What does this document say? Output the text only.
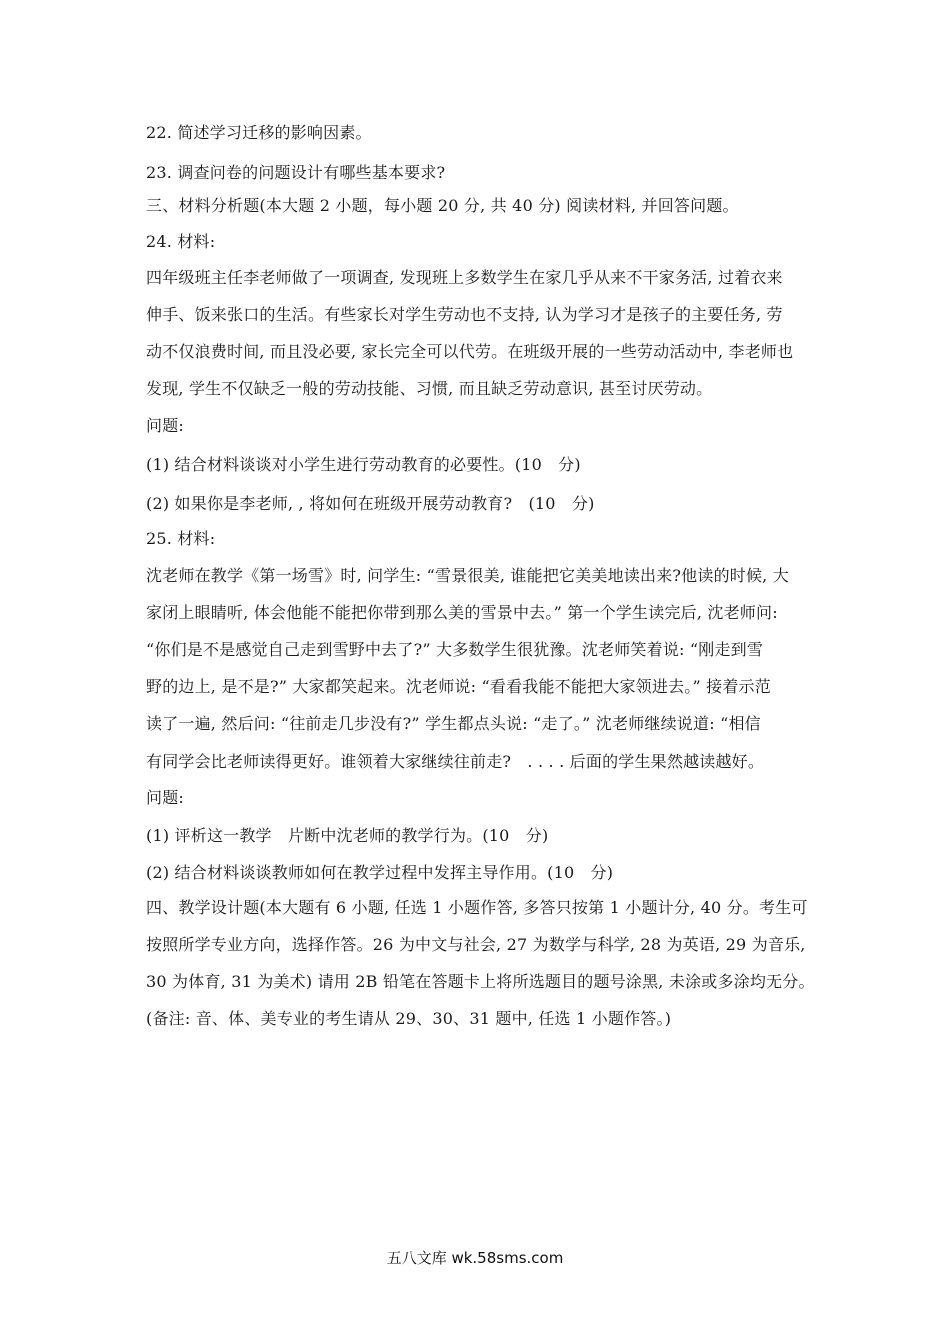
22. 简述学习迁移的影响因素。
23. 调查问卷的问题设计有哪些基本要求?
三、材料分析题(本大题 2 小题，每小题 20 分, 共 40 分) 阅读材料, 并回答问题。
24. 材料:
四年级班主任李老师做了一项调查, 发现班上多数学生在家几乎从来不干家务活, 过着衣来
伸手、饭来张口的生活。有些家长对学生劳动也不支持, 认为学习才是孩子的主要任务, 劳
动不仅浪费时间, 而且没必要, 家长完全可以代劳。在班级开展的一些劳动活动中, 李老师也
发现, 学生不仅缺乏一般的劳动技能、习惯, 而且缺乏劳动意识, 甚至讨厌劳动。
问题:
(1) 结合材料谈谈对小学生进行劳动教育的必要性。(10　分)
(2) 如果你是李老师, , 将如何在班级开展劳动教育?　(10　分)
25. 材料:
沈老师在教学《第一场雪》时, 问学生: “雪景很美, 谁能把它美美地读出来?他读的时候, 大
家闭上眼睛听, 体会他能不能把你带到那么美的雪景中去。” 第一个学生读完后, 沈老师问:
“你们是不是感觉自己走到雪野中去了?” 大多数学生很犹豫。沈老师笑着说: “刚走到雪
野的边上, 是不是?” 大家都笑起来。沈老师说: “看看我能不能把大家领进去。” 接着示范
读了一遍, 然后问: “往前走几步没有?” 学生都点头说: “走了。” 沈老师继续说道: “相信
有同学会比老师读得更好。谁领着大家继续往前走?　. . . . 后面的学生果然越读越好。
问题:
(1) 评析这一教学　片断中沈老师的教学行为。(10　分)
(2) 结合材料谈谈教师如何在教学过程中发挥主导作用。(10　分)
四、教学设计题(本大题有 6 小题, 任选 1 小题作答, 多答只按第 1 小题计分, 40 分。考生可
按照所学专业方向，选择作答。26 为中文与社会, 27 为数学与科学, 28 为英语, 29 为音乐,
30 为体育, 31 为美术) 请用 2B 铅笔在答题卡上将所选题目的题号涂黑, 未涂或多涂均无分。
(备注: 音、体、美专业的考生请从 29、30、31 题中, 任选 1 小题作答。)
五八文库 wk.58sms.com
